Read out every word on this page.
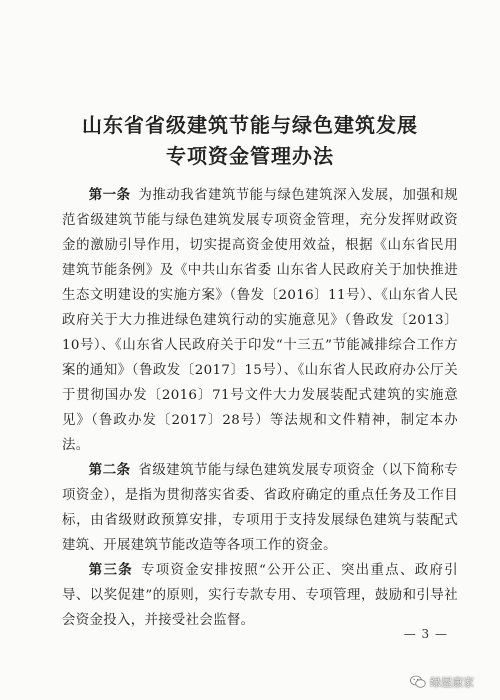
山东省省级建筑节能与绿色建筑发展
专项资金管理办法

第一条 为推动我省建筑节能与绿色建筑深入发展，加强和规范省级建筑节能与绿色建筑发展专项资金管理，充分发挥财政资金的激励引导作用，切实提高资金使用效益，根据《山东省民用建筑节能条例》及《中共山东省委 山东省人民政府关于加快推进生态文明建设的实施方案》（鲁发〔2016〕11号）、《山东省人民政府关于大力推进绿色建筑行动的实施意见》（鲁政发〔2013〕10号）、《山东省人民政府关于印发“十三五”节能减排综合工作方案的通知》（鲁政发〔2017〕15号）、《山东省人民政府办公厅关于贯彻国办发〔2016〕71号文件大力发展装配式建筑的实施意见》（鲁政办发〔2017〕28号）等法规和文件精神，制定本办法。

第二条 省级建筑节能与绿色建筑发展专项资金（以下简称专项资金），是指为贯彻落实省委、省政府确定的重点任务及工作目标，由省级财政预算安排，专项用于支持发展绿色建筑与装配式建筑、开展建筑节能改造等各项工作的资金。

第三条 专项资金安排按照“公开公正、突出重点、政府引导、以奖促建”的原则，实行专款专用、专项管理，鼓励和引导社会资金投入，并接受社会监督。

— 3 —
绿屋康家
